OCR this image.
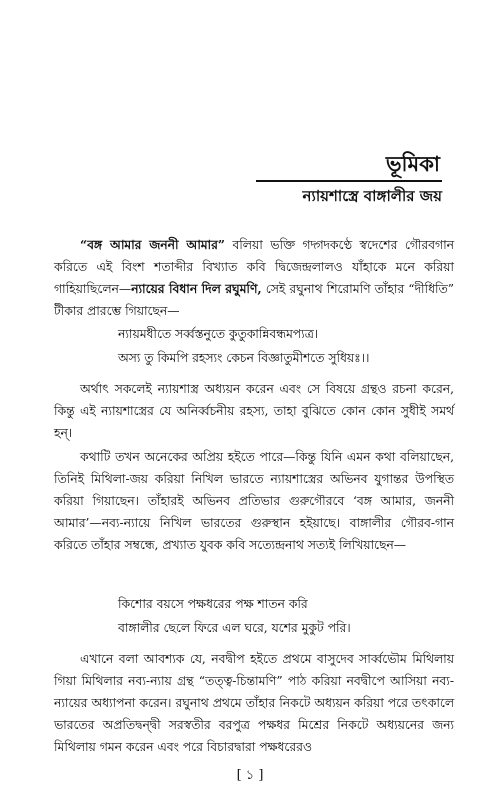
ভূমিকা
ন্যায়শাস্ত্রে বাঙ্গালীর জয়
“বঙ্গ আমার জননী আমার” বলিয়া ভক্তি গদ্গদকণ্ঠে স্বদেশের গৌরবগান করিতে এই বিংশ শতাব্দীর বিখ্যাত কবি দ্বিজেন্দ্রলালও যাঁহাকে মনে করিয়া গাহিয়াছিলেন—ন্যায়ের বিধান দিল রঘুমণি, সেই রঘুনাথ শিরোমণি তাঁহার “দীধিতি” টীকার প্রারম্ভে গিয়াছেন—
ন্যায়মধীতে সর্ব্বস্তনুতে কুতুকান্নিবন্ধমপ্যত্র।
অস্য তু কিমপি রহস্যং কেচন বিজ্ঞাতুমীশতে সুধিয়ঃ।।
অর্থাৎ সকলেই ন্যায়শাস্ত্র অধ্যয়ন করেন এবং সে বিষয়ে গ্রন্থও রচনা করেন, কিন্তু এই ন্যায়শাস্ত্রের যে অনির্ব্বচনীয় রহস্য, তাহা বুঝিতে কোন কোন সুধীই সমর্থ হন্।
কথাটি তখন অনেকের অপ্রিয় হইতে পারে—কিন্তু যিনি এমন কথা বলিয়াছেন, তিনিই মিথিলা-জয় করিয়া নিখিল ভারতে ন্যায়শাস্ত্রের অভিনব যুগান্তর উপস্থিত করিয়া গিয়াছেন। তাঁহারই অভিনব প্রতিভার গুরুগৌরবে ‘বঙ্গ আমার, জননী আমার’—নব্য-ন্যায়ে নিখিল ভারতের গুরুস্থান হইয়াছে। বাঙ্গালীর গৌরব-গান করিতে তাঁহার সম্বন্ধে, প্রখ্যাত যুবক কবি সত্যেন্দ্রনাথ সত্যই লিখিয়াছেন—
কিশোর বয়সে পক্ষধরের পক্ষ শাতন করি
বাঙ্গালীর ছেলে ফিরে এল ঘরে, যশের মুকুট পরি।
এখানে বলা আবশ্যক যে, নবদ্বীপ হইতে প্রথমে বাসুদেব সার্ব্বভৌম মিথিলায় গিয়া মিথিলার নব্য-ন্যায় গ্রন্থ “তত্ত্ব-চিন্তামণি” পাঠ করিয়া নবদ্বীপে আসিয়া নব্য-ন্যায়ের অধ্যাপনা করেন। রঘুনাথ প্রথমে তাঁহার নিকটে অধ্যয়ন করিয়া পরে তৎকালে ভারতের অপ্রতিদ্বন্দ্বী সরস্বতীর বরপুত্র পক্ষধর মিশ্রের নিকটে অধ্যয়নের জন্য মিথিলায় গমন করেন এবং পরে বিচারদ্বারা পক্ষধরেরও
[ ১ ]
